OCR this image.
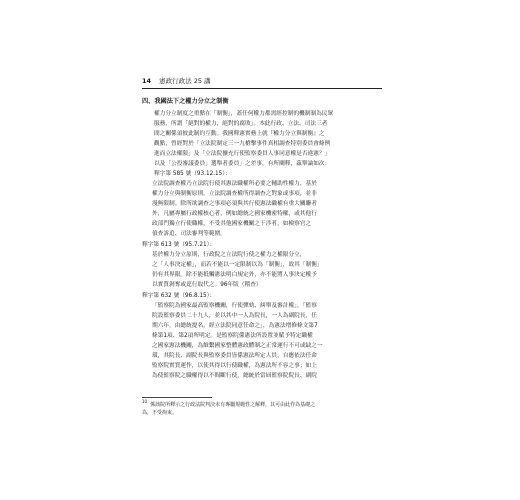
14 憲政行政法 25 講
四、我國法下之權力分立之制衡
權力分立制度之重點在「制衡」，蓋任何權力都需經控制的機制制為民眾
服務，所謂「絕對的權力，絕對的腐敗」。本此行政、立法、司法三者
間之關係須彼此制約互動。我國釋憲實務上就『權力分立與制衡』之
觀點，曾經對於「立法院制定三一九槍擊事件真相調查特別委員會條例
進而立法權限」及「立法院擴充行使監察委員人事同意權是否違憲？」
以及「公投審議委員」選舉者委員」之差事，有所闡釋，茲舉論如次：
釋字第 585 號（93.12.15）：
立法院調查權乃立法院行使其憲法職權所必要之輔助性權力，基於
權力分立與制衡原則，立法院調查權所得調查之對象或事項，並非
漫無限制。除所欲調查之事項必須與其行使憲法職權有重大關聯者
外，凡屬專屬行政權核心者，例如總統之國家機密特權，或其他行
政部門獨立行使職權，不受其他國家機關之干涉者，如檢察官之
偵查訴追、司法審判等範圍。
釋字第 613 號（95.7.21）：
基於權力分立原則，行政院之立法院行使之權力之權限分立，
之「人事決定權」，而若不能以一定限制以為「制衡」，故其「制衡」
仍有其界限。除不能抵觸憲法明白規定外，亦不能將人事決定權予
以實質剝奪或逕行取代之。96年版（稽查）
釋字第 632 號（96.8.15）：
「監察院為國家最高監察機關，行使彈劾、糾舉及審計權」，「監察
院設監察委員二十九人，並以其中一人為院長，一人為副院長，任
期六年，由總統提名，經立法院同意任命之」，為憲法增修條文第7
條第1項、第2項所明定。是監察院係憲法所設置並賦予特定職權
之國家憲法機關，為維繫國家整體憲政體制之正常運行不可或缺之一
環，其院長、副院長與監察委員皆係憲法所定人員，自應依法任命
監察院實質運作，以使其得以行使職權，為憲法所不容之事；如上
為使監察院之職權得以不間斷行使，總統於當屆監察院院長、副院
$^{10}$係該院所釋示之行政法院判決未有專屬規範性之解釋，其可由此作為基礎之
為，不受拘束。
